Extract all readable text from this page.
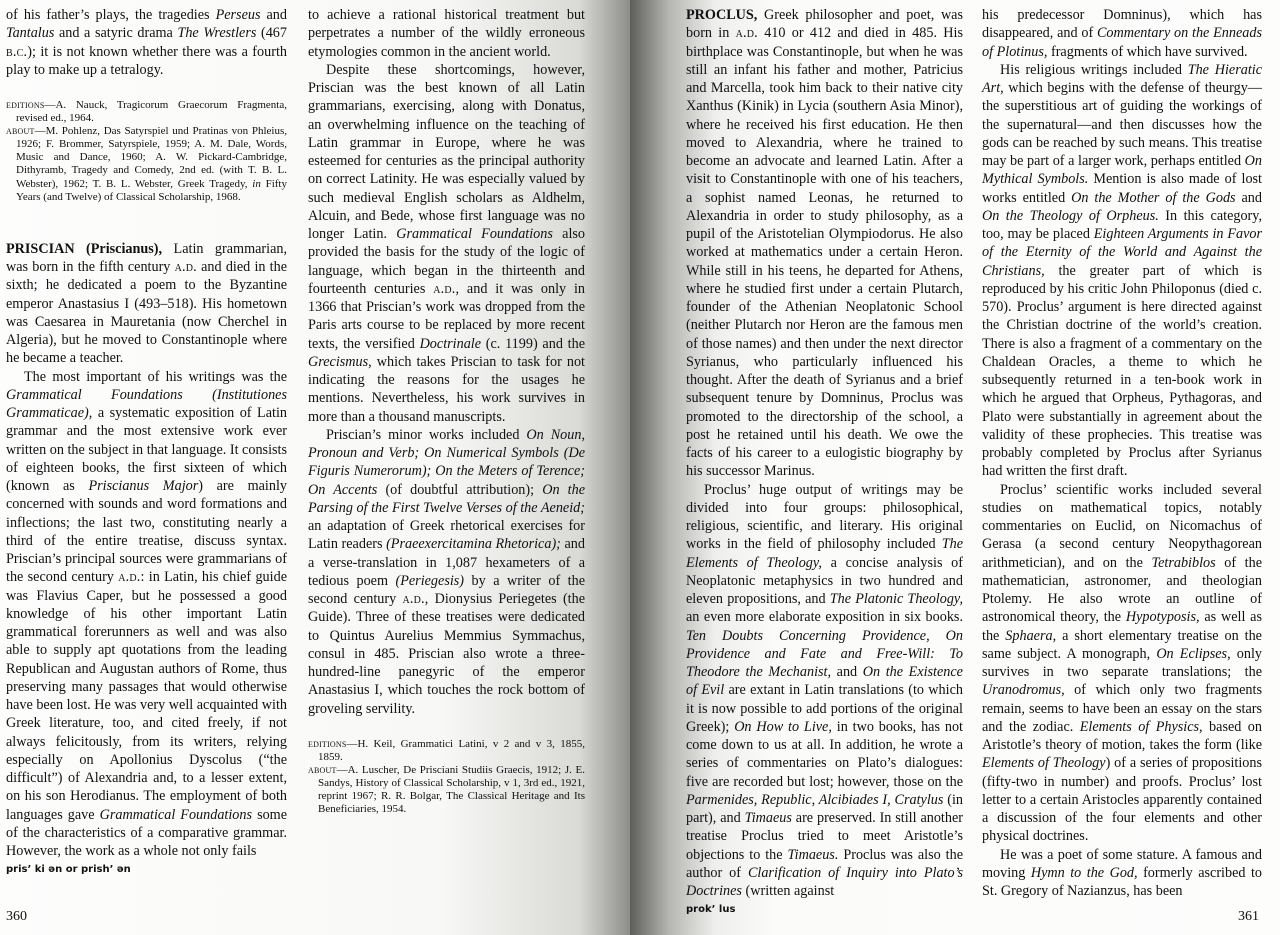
of his father’s plays, the tragedies Perseus and Tantalus and a satyric drama The Wrestlers (467 b.c.); it is not known whether there was a fourth play to make up a tetralogy.

editions—A. Nauck, Tragicorum Graecorum Fragmenta, revised ed., 1964.

about—M. Pohlenz, Das Satyrspiel und Pratinas von Phleius, 1926; F. Brommer, Satyrspiele, 1959; A. M. Dale, Words, Music and Dance, 1960; A. W. Pickard-Cambridge, Dithyramb, Tragedy and Comedy, 2nd ed. (with T. B. L. Webster), 1962; T. B. L. Webster, Greek Tragedy, in Fifty Years (and Twelve) of Classical Scholarship, 1968.

PRISCIAN (Priscianus), Latin grammarian, was born in the fifth century a.d. and died in the sixth; he dedicated a poem to the Byzantine emperor Anastasius I (493–518). His hometown was Caesarea in Mauretania (now Cherchel in Algeria), but he moved to Constantinople where he became a teacher.

The most important of his writings was the Grammatical Foundations (Institutiones Grammaticae), a systematic exposition of Latin grammar and the most extensive work ever written on the subject in that language. It consists of eighteen books, the first sixteen of which (known as Priscianus Major) are mainly concerned with sounds and word formations and inflections; the last two, constituting nearly a third of the entire treatise, discuss syntax. Priscian’s principal sources were grammarians of the second century a.d.: in Latin, his chief guide was Flavius Caper, but he possessed a good knowledge of his other important Latin grammatical forerunners as well and was also able to supply apt quotations from the leading Republican and Augustan authors of Rome, thus preserving many passages that would otherwise have been lost. He was very well acquainted with Greek literature, too, and cited freely, if not always felicitously, from its writers, relying especially on Apollonius Dyscolus (“the difficult”) of Alexandria and, to a lesser extent, on his son Herodianus. The employment of both languages gave Grammatical Foundations some of the characteristics of a comparative grammar. However, the work as a whole not only fails

pris’ ki ən or prish’ ən

to achieve a rational historical treatment but perpetrates a number of the wildly erroneous etymologies common in the ancient world.

Despite these shortcomings, however, Priscian was the best known of all Latin grammarians, exercising, along with Donatus, an overwhelming influence on the teaching of Latin grammar in Europe, where he was esteemed for centuries as the principal authority on correct Latinity. He was especially valued by such medieval English scholars as Aldhelm, Alcuin, and Bede, whose first language was no longer Latin. Grammatical Foundations also provided the basis for the study of the logic of language, which began in the thirteenth and fourteenth centuries a.d., and it was only in 1366 that Priscian’s work was dropped from the Paris arts course to be replaced by more recent texts, the versified Doctrinale (c. 1199) and the Grecismus, which takes Priscian to task for not indicating the reasons for the usages he mentions. Nevertheless, his work survives in more than a thousand manuscripts.

Priscian’s minor works included On Noun, Pronoun and Verb; On Numerical Symbols (De Figuris Numerorum); On the Meters of Terence; On Accents (of doubtful attribution); On the Parsing of the First Twelve Verses of the Aeneid; an adaptation of Greek rhetorical exercises for Latin readers (Praeexercitamina Rhetorica); and a verse-translation in 1,087 hexameters of a tedious poem (Periegesis) by a writer of the second century a.d., Dionysius Periegetes (the Guide). Three of these treatises were dedicated to Quintus Aurelius Memmius Symmachus, consul in 485. Priscian also wrote a three-hundred-line panegyric of the emperor Anastasius I, which touches the rock bottom of groveling servility.

editions—H. Keil, Grammatici Latini, v 2 and v 3, 1855, 1859.

about—A. Luscher, De Prisciani Studiis Graecis, 1912; J. E. Sandys, History of Classical Scholarship, v 1, 3rd ed., 1921, reprint 1967; R. R. Bolgar, The Classical Heritage and Its Beneficiaries, 1954.

360

PROCLUS, Greek philosopher and poet, was born in a.d. 410 or 412 and died in 485. His birthplace was Constantinople, but when he was still an infant his father and mother, Patricius and Marcella, took him back to their native city Xanthus (Kinik) in Lycia (southern Asia Minor), where he received his first education. He then moved to Alexandria, where he trained to become an advocate and learned Latin. After a visit to Constantinople with one of his teachers, a sophist named Leonas, he returned to Alexandria in order to study philosophy, as a pupil of the Aristotelian Olympiodorus. He also worked at mathematics under a certain Heron. While still in his teens, he departed for Athens, where he studied first under a certain Plutarch, founder of the Athenian Neoplatonic School (neither Plutarch nor Heron are the famous men of those names) and then under the next director Syrianus, who particularly influenced his thought. After the death of Syrianus and a brief subsequent tenure by Domninus, Proclus was promoted to the directorship of the school, a post he retained until his death. We owe the facts of his career to a eulogistic biography by his successor Marinus.

Proclus’ huge output of writings may be divided into four groups: philosophical, religious, scientific, and literary. His original works in the field of philosophy included The Elements of Theology, a concise analysis of Neoplatonic metaphysics in two hundred and eleven propositions, and The Platonic Theology, an even more elaborate exposition in six books. Ten Doubts Concerning Providence, On Providence and Fate and Free-Will: To Theodore the Mechanist, and On the Existence of Evil are extant in Latin translations (to which it is now possible to add portions of the original Greek); On How to Live, in two books, has not come down to us at all. In addition, he wrote a series of commentaries on Plato’s dialogues: five are recorded but lost; however, those on the Parmenides, Republic, Alcibiades I, Cratylus (in part), and Timaeus are preserved. In still another treatise Proclus tried to meet Aristotle’s objections to the Timaeus. Proclus was also the author of Clarification of Inquiry into Plato’s Doctrines (written against

prok’ lus

his predecessor Domninus), which has disappeared, and of Commentary on the Enneads of Plotinus, fragments of which have survived.

His religious writings included The Hieratic Art, which begins with the defense of theurgy—the superstitious art of guiding the workings of the supernatural—and then discusses how the gods can be reached by such means. This treatise may be part of a larger work, perhaps entitled On Mythical Symbols. Mention is also made of lost works entitled On the Mother of the Gods and On the Theology of Orpheus. In this category, too, may be placed Eighteen Arguments in Favor of the Eternity of the World and Against the Christians, the greater part of which is reproduced by his critic John Philoponus (died c. 570). Proclus’ argument is here directed against the Christian doctrine of the world’s creation. There is also a fragment of a commentary on the Chaldean Oracles, a theme to which he subsequently returned in a ten-book work in which he argued that Orpheus, Pythagoras, and Plato were substantially in agreement about the validity of these prophecies. This treatise was probably completed by Proclus after Syrianus had written the first draft.

Proclus’ scientific works included several studies on mathematical topics, notably commentaries on Euclid, on Nicomachus of Gerasa (a second century Neopythagorean arithmetician), and on the Tetrabiblos of the mathematician, astronomer, and theologian Ptolemy. He also wrote an outline of astronomical theory, the Hypotyposis, as well as the Sphaera, a short elementary treatise on the same subject. A monograph, On Eclipses, only survives in two separate translations; the Uranodromus, of which only two fragments remain, seems to have been an essay on the stars and the zodiac. Elements of Physics, based on Aristotle’s theory of motion, takes the form (like Elements of Theology) of a series of propositions (fifty-two in number) and proofs. Proclus’ lost letter to a certain Aristocles apparently contained a discussion of the four elements and other physical doctrines.

He was a poet of some stature. A famous and moving Hymn to the God, formerly ascribed to St. Gregory of Nazianzus, has been

361
